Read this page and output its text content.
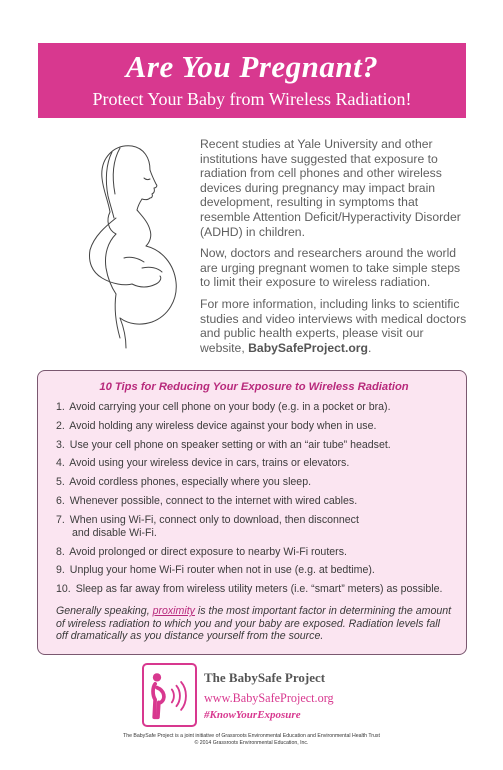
Are You Pregnant?
Protect Your Baby from Wireless Radiation!

Recent studies at Yale University and other institutions have suggested that exposure to radiation from cell phones and other wireless devices during pregnancy may impact brain development, resulting in symptoms that resemble Attention Deficit/Hyperactivity Disorder (ADHD) in children.

Now, doctors and researchers around the world are urging pregnant women to take simple steps to limit their exposure to wireless radiation.

For more information, including links to scientific studies and video interviews with medical doctors and public health experts, please visit our website, BabySafeProject.org.

10 Tips for Reducing Your Exposure to Wireless Radiation
1. Avoid carrying your cell phone on your body (e.g. in a pocket or bra).
2. Avoid holding any wireless device against your body when in use.
3. Use your cell phone on speaker setting or with an “air tube” headset.
4. Avoid using your wireless device in cars, trains or elevators.
5. Avoid cordless phones, especially where you sleep.
6. Whenever possible, connect to the internet with wired cables.
7. When using Wi-Fi, connect only to download, then disconnect
and disable Wi-Fi.
8. Avoid prolonged or direct exposure to nearby Wi-Fi routers.
9. Unplug your home Wi-Fi router when not in use (e.g. at bedtime).
10. Sleep as far away from wireless utility meters (i.e. “smart” meters) as possible.
Generally speaking, proximity is the most important factor in determining the amount of wireless radiation to which you and your baby are exposed. Radiation levels fall off dramatically as you distance yourself from the source.
The BabySafe Project
www.BabySafeProject.org
#KnowYourExposure
The BabySafe Project is a joint initiative of Grassroots Environmental Education and Environmental Health Trust
© 2014 Grassroots Environmental Education, Inc.
